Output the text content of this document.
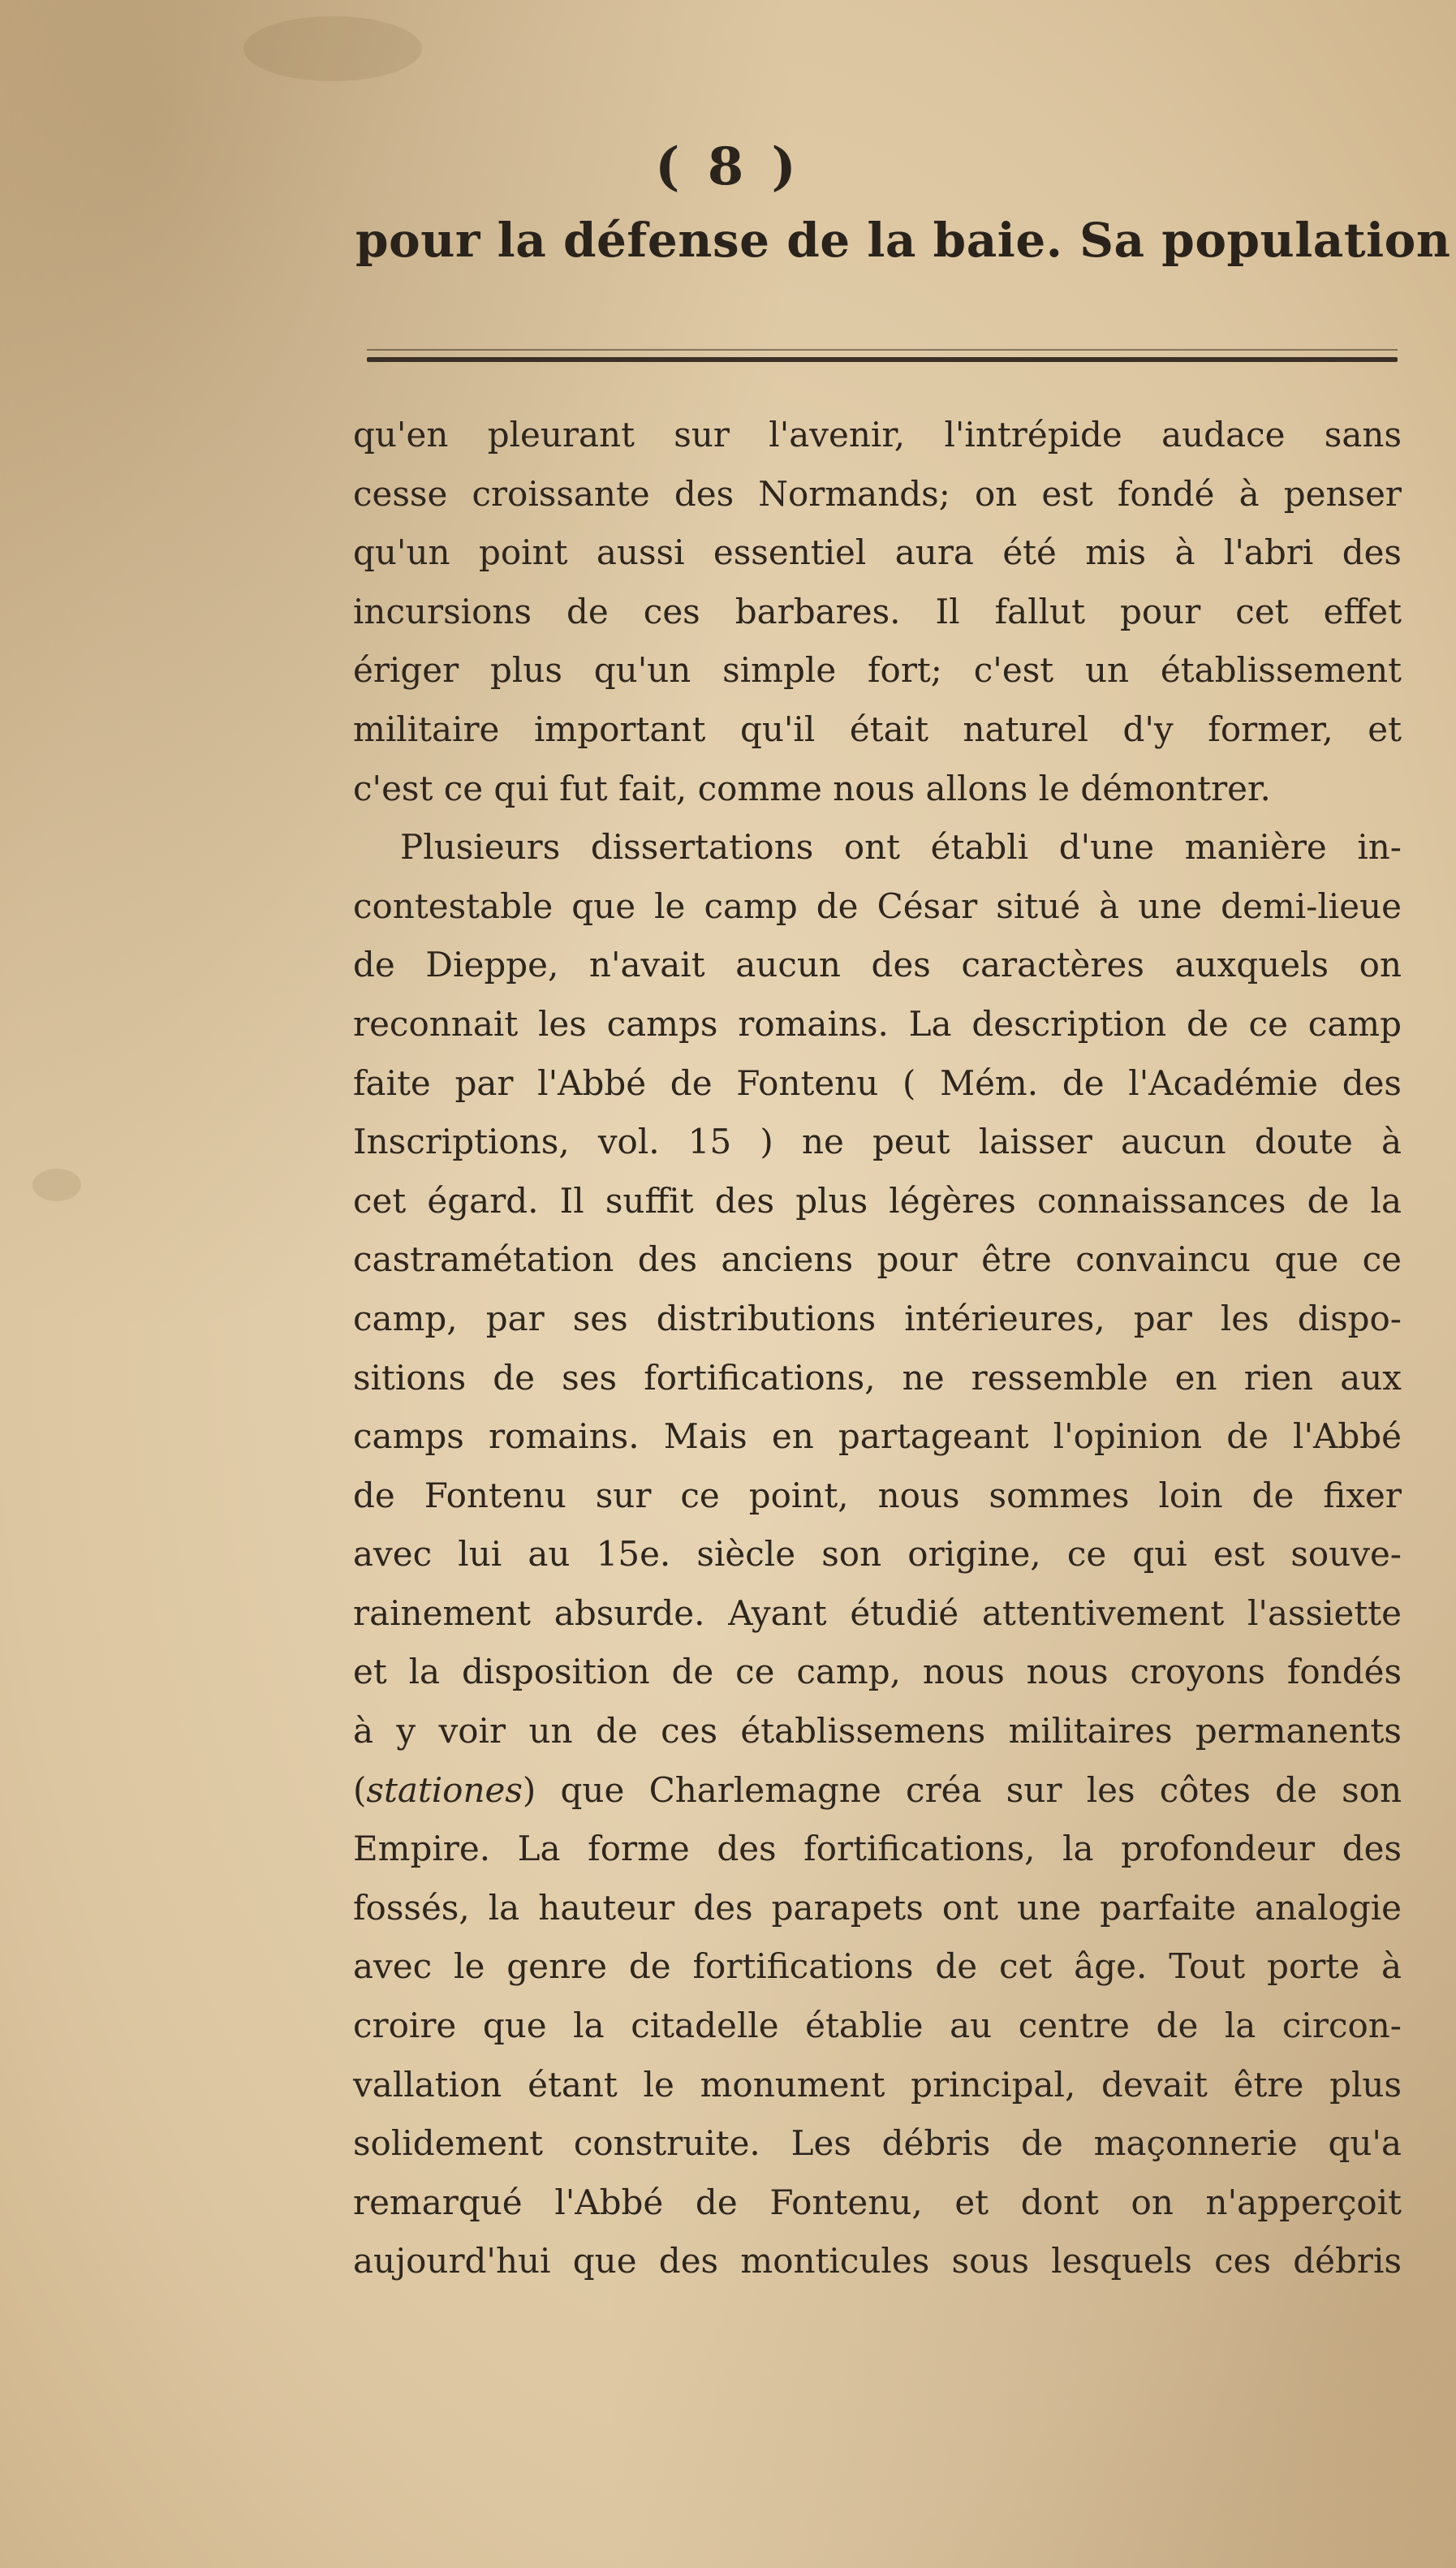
( 8 )
pour la défense de la baie. Sa population
qu'en pleurant sur l'avenir, l'intrépide audace sans
cesse croissante des Normands; on est fondé à penser
qu'un point aussi essentiel aura été mis à l'abri des
incursions de ces barbares. Il fallut pour cet effet
ériger plus qu'un simple fort; c'est un établissement
militaire important qu'il était naturel d'y former, et
c'est ce qui fut fait, comme nous allons le démontrer.
Plusieurs dissertations ont établi d'une manière in-
contestable que le camp de César situé à une demi-lieue
de Dieppe, n'avait aucun des caractères auxquels on
reconnait les camps romains. La description de ce camp
faite par l'Abbé de Fontenu ( Mém. de l'Académie des
Inscriptions, vol. 15 ) ne peut laisser aucun doute à
cet égard. Il suffit des plus légères connaissances de la
castramétation des anciens pour être convaincu que ce
camp, par ses distributions intérieures, par les dispo-
sitions de ses fortifications, ne ressemble en rien aux
camps romains. Mais en partageant l'opinion de l'Abbé
de Fontenu sur ce point, nous sommes loin de fixer
avec lui au 15e. siècle son origine, ce qui est souve-
rainement absurde. Ayant étudié attentivement l'assiette
et la disposition de ce camp, nous nous croyons fondés
à y voir un de ces établissemens militaires permanents
(stationes) que Charlemagne créa sur les côtes de son
Empire. La forme des fortifications, la profondeur des
fossés, la hauteur des parapets ont une parfaite analogie
avec le genre de fortifications de cet âge. Tout porte à
croire que la citadelle établie au centre de la circon-
vallation étant le monument principal, devait être plus
solidement construite. Les débris de maçonnerie qu'a
remarqué l'Abbé de Fontenu, et dont on n'apperçoit
aujourd'hui que des monticules sous lesquels ces débris
